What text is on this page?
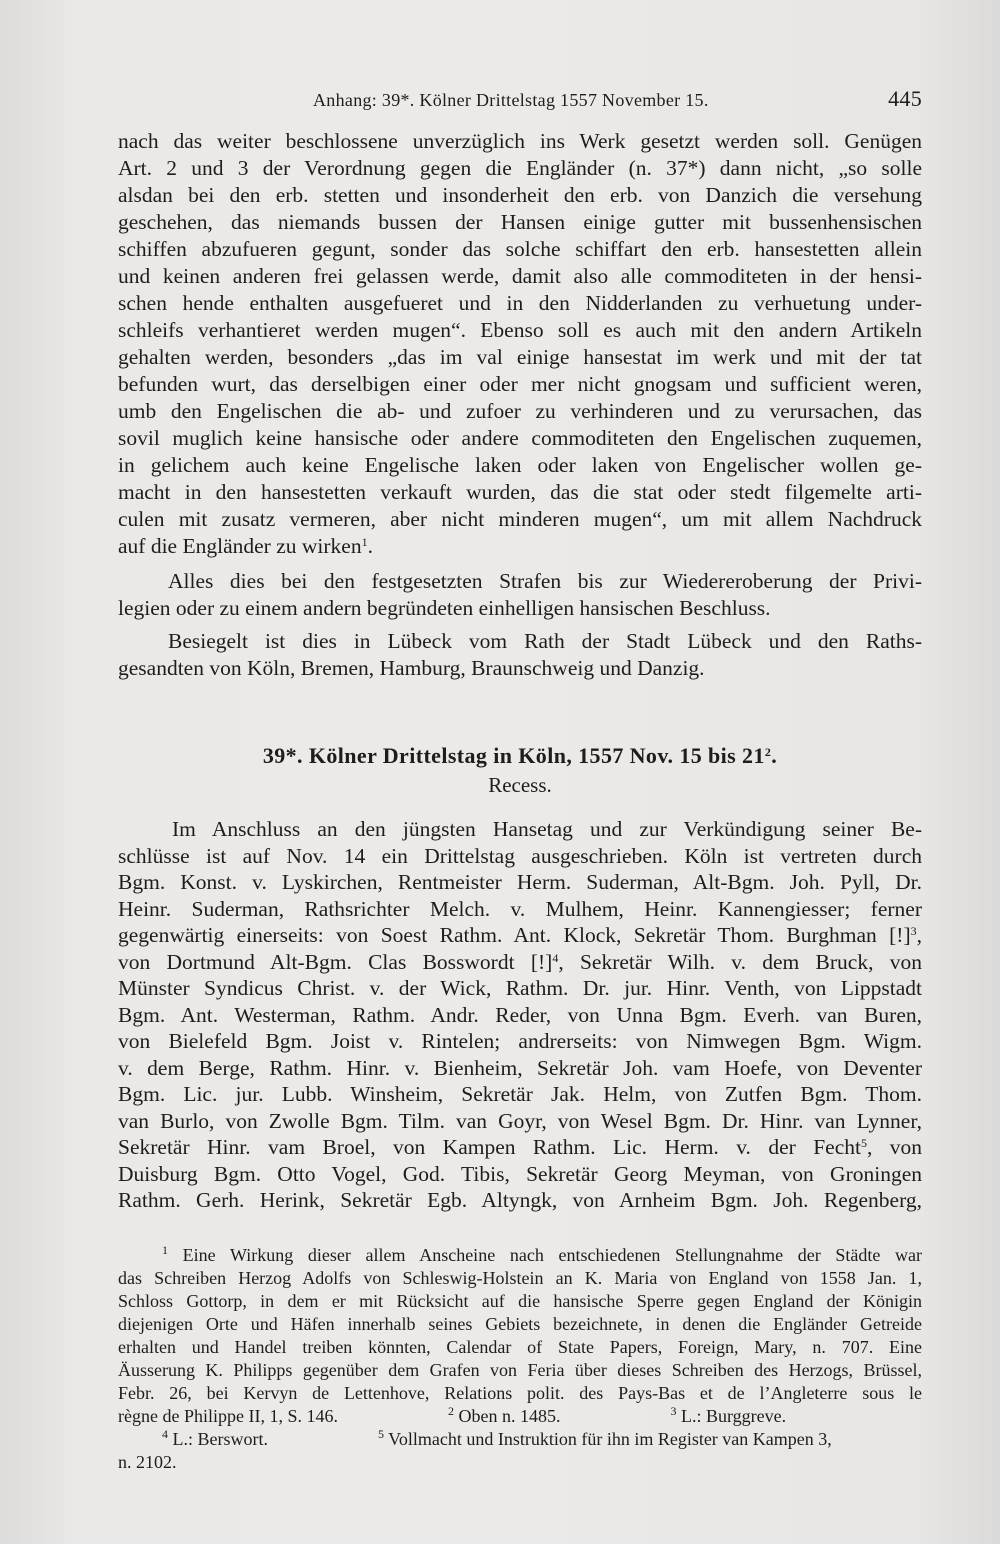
Anhang: 39*. Kölner Drittelstag 1557 November 15.	445
nach das weiter beschlossene unverzüglich ins Werk gesetzt werden soll. Genügen
Art. 2 und 3 der Verordnung gegen die Engländer (n. 37*) dann nicht, „so solle
alsdan bei den erb. stetten und insonderheit den erb. von Danzich die versehung
geschehen, das niemands bussen der Hansen einige gutter mit bussenhensischen
schiffen abzufueren gegunt, sonder das solche schiffart den erb. hansestetten allein
und keinen anderen frei gelassen werde, damit also alle commoditeten in der hensi-
schen hende enthalten ausgefueret und in den Nidderlanden zu verhuetung under-
schleifs verhantieret werden mugen“. Ebenso soll es auch mit den andern Artikeln
gehalten werden, besonders „das im val einige hansestat im werk und mit der tat
befunden wurt, das derselbigen einer oder mer nicht gnogsam und sufficient weren,
umb den Engelischen die ab- und zufoer zu verhinderen und zu verursachen, das
sovil muglich keine hansische oder andere commoditeten den Engelischen zuquemen,
in gelichem auch keine Engelische laken oder laken von Engelischer wollen ge-
macht in den hansestetten verkauft wurden, das die stat oder stedt filgemelte arti-
culen mit zusatz vermeren, aber nicht minderen mugen“, um mit allem Nachdruck
auf die Engländer zu wirken$^1$.
Alles dies bei den festgesetzten Strafen bis zur Wiedereroberung der Privi-
legien oder zu einem andern begründeten einhelligen hansischen Beschluss.
Besiegelt ist dies in Lübeck vom Rath der Stadt Lübeck und den Raths-
gesandten von Köln, Bremen, Hamburg, Braunschweig und Danzig.
39*. Kölner Drittelstag in Köln, 1557 Nov. 15 bis $21^2$.
Recess.
Im Anschluss an den jüngsten Hansetag und zur Verkündigung seiner Be-
schlüsse ist auf Nov. 14 ein Drittelstag ausgeschrieben. Köln ist vertreten durch
Bgm. Konst. v. Lyskirchen, Rentmeister Herm. Suderman, Alt-Bgm. Joh. Pyll, Dr.
Heinr. Suderman, Rathsrichter Melch. v. Mulhem, Heinr. Kannengiesser; ferner
gegenwärtig einerseits: von Soest Rathm. Ant. Klock, Sekretär Thom. Burghman [!]$^3$,
von Dortmund Alt-Bgm. Clas Bosswordt [!]$^4$, Sekretär Wilh. v. dem Bruck, von
Münster Syndicus Christ. v. der Wick, Rathm. Dr. jur. Hinr. Venth, von Lippstadt
Bgm. Ant. Westerman, Rathm. Andr. Reder, von Unna Bgm. Everh. van Buren,
von Bielefeld Bgm. Joist v. Rintelen; andrerseits: von Nimwegen Bgm. Wigm.
v. dem Berge, Rathm. Hinr. v. Bienheim, Sekretär Joh. vam Hoefe, von Deventer
Bgm. Lic. jur. Lubb. Winsheim, Sekretär Jak. Helm, von Zutfen Bgm. Thom.
van Burlo, von Zwolle Bgm. Tilm. van Goyr, von Wesel Bgm. Dr. Hinr. van Lynner,
Sekretär Hinr. vam Broel, von Kampen Rathm. Lic. Herm. v. der Fecht$^5$, von
Duisburg Bgm. Otto Vogel, God. Tibis, Sekretär Georg Meyman, von Groningen
Rathm. Gerh. Herink, Sekretär Egb. Altyngk, von Arnheim Bgm. Joh. Regenberg,
$^1$ Eine Wirkung dieser allem Anscheine nach entschiedenen Stellungnahme der Städte war
das Schreiben Herzog Adolfs von Schleswig-Holstein an K. Maria von England von 1558 Jan. 1,
Schloss Gottorp, in dem er mit Rücksicht auf die hansische Sperre gegen England der Königin
diejenigen Orte und Häfen innerhalb seines Gebiets bezeichnete, in denen die Engländer Getreide
erhalten und Handel treiben könnten, Calendar of State Papers, Foreign, Mary, n. 707. Eine
Äusserung K. Philipps gegenüber dem Grafen von Feria über dieses Schreiben des Herzogs, Brüssel,
Febr. 26, bei Kervyn de Lettenhove, Relations polit. des Pays-Bas et de l’Angleterre sous le
règne de Philippe II, 1, S. 146.	$^2$ Oben n. 1485.	$^3$ L.: Burggreve.
$^4$ L.: Berswort.	$^5$ Vollmacht und Instruktion für ihn im Register van Kampen 3,
n. 2102.
